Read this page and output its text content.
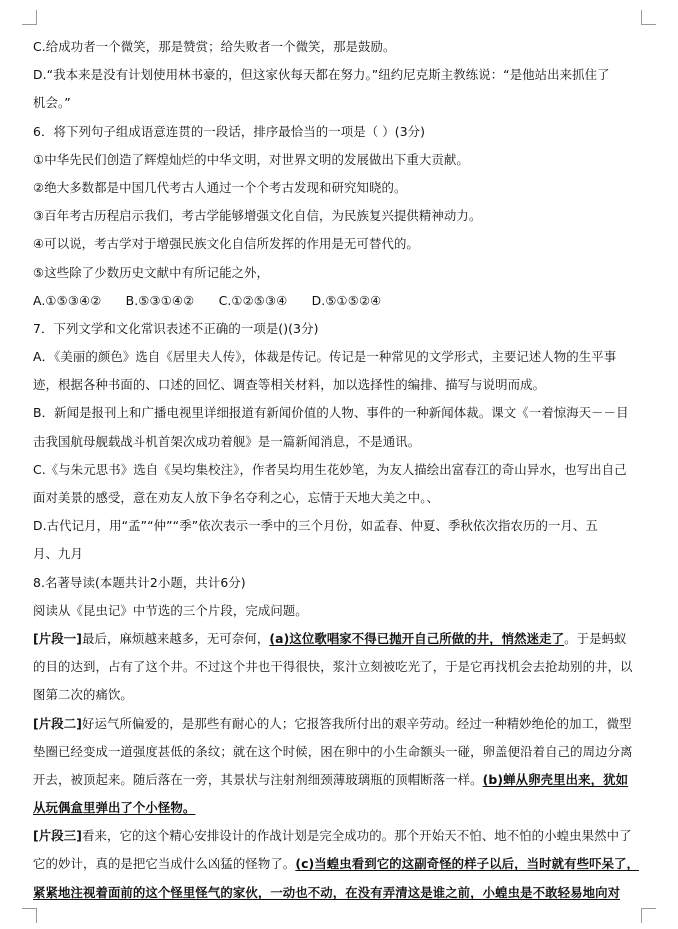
C.给成功者一个微笑，那是赞赏；给失败者一个微笑，那是鼓励。
D.“我本来是没有计划使用林书豪的，但这家伙每天都在努力。”纽约尼克斯主教练说：“是他站出来抓住了
机会。”
6．将下列句子组成语意连贯的一段话，排序最恰当的一项是（ ）(3分)
①中华先民们创造了辉煌灿烂的中华文明，对世界文明的发展做出下重大贡献。
②绝大多数都是中国几代考古人通过一个个考古发现和研究知晓的。
③百年考古历程启示我们，考古学能够增强文化自信，为民族复兴提供精神动力。
④可以说，考古学对于增强民族文化自信所发挥的作用是无可替代的。
⑤这些除了少数历史文献中有所记能之外，
A.①⑤③④②      B.⑤③①④②      C.①②⑤③④      D.⑤①⑤②④
7．下列文学和文化常识表述不正确的一项是()(3分)
A．《美丽的颜色》选自《居里夫人传》，体裁是传记。传记是一种常见的文学形式，主要记述人物的生平事
迹，根据各种书面的、口述的回忆、调查等相关材料，加以选择性的编排、描写与说明而成。
B．新闻是报刊上和广播电视里详细报道有新闻价值的人物、事件的一种新闻体裁。课文《一着惊海天－－目
击我国航母舰载战斗机首架次成功着舰》是一篇新闻消息，不是通讯。
C.《与朱元思书》选自《吴均集校注》，作者吴均用生花妙笔，为友人描绘出富春江的奇山异水，也写出自己
面对美景的感受，意在劝友人放下争名夺利之心，忘情于天地大美之中。、
D.古代记月，用“孟”“仲”“季”依次表示一季中的三个月份，如孟春、仲夏、季秋依次指农历的一月、五
月、九月
8.名著导读(本题共计2小题，共计6分)
阅读从《昆虫记》中节选的三个片段，完成问题。
[片段一]最后，麻烦越来越多，无可奈何，(a)这位歌唱家不得已抛开自己所做的井，悄然迷走了。于是蚂蚁
的目的达到，占有了这个井。不过这个井也干得很快，浆汁立刻被吃光了，于是它再找机会去抢劫别的井，以
图第二次的痛饮。
[片段二]好运气所偏爱的，是那些有耐心的人；它报答我所付出的艰辛劳动。经过一种精妙绝伦的加工，微型
垫圈已经变成一道强度甚低的条纹；就在这个时候，困在卵中的小生命额头一碰，卵盖便沿着自己的周边分离
开去，被顶起来。随后落在一旁，其景状与注射剂细颈薄玻璃瓶的顶帽断落一样。(b)蝉从卵壳里出来，犹如
从玩偶盒里弹出了个小怪物。
[片段三]看来，它的这个精心安排设计的作战计划是完全成功的。那个开始天不怕、地不怕的小蝗虫果然中了
它的妙计，真的是把它当成什么凶猛的怪物了。(c)当蝗虫看到它的这副奇怪的样子以后，当时就有些吓呆了，
紧紧地注视着面前的这个怪里怪气的家伙，一动也不动，在没有弄清这是谁之前，小蝗虫是不敢轻易地向对
